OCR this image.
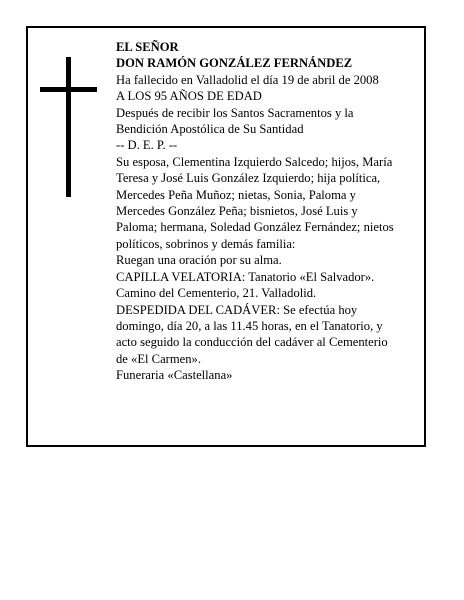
EL SEÑOR
DON RAMÓN GONZÁLEZ FERNÁNDEZ
Ha fallecido en Valladolid el día 19 de abril de 2008
A LOS 95 AÑOS DE EDAD
Después de recibir los Santos Sacramentos y la
Bendición Apostólica de Su Santidad
-- D. E. P. --
Su esposa, Clementina Izquierdo Salcedo; hijos, María
Teresa y José Luis González Izquierdo; hija política,
Mercedes Peña Muñoz; nietas, Sonia, Paloma y
Mercedes González Peña; bisnietos, José Luis y
Paloma; hermana, Soledad González Fernández; nietos
políticos, sobrinos y demás familia:
Ruegan una oración por su alma.
CAPILLA VELATORIA: Tanatorio «El Salvador».
Camino del Cementerio, 21. Valladolid.
DESPEDIDA DEL CADÁVER: Se efectúa hoy
domingo, día 20, a las 11.45 horas, en el Tanatorio, y
acto seguido la conducción del cadáver al Cementerio
de «El Carmen».
Funeraria «Castellana»
